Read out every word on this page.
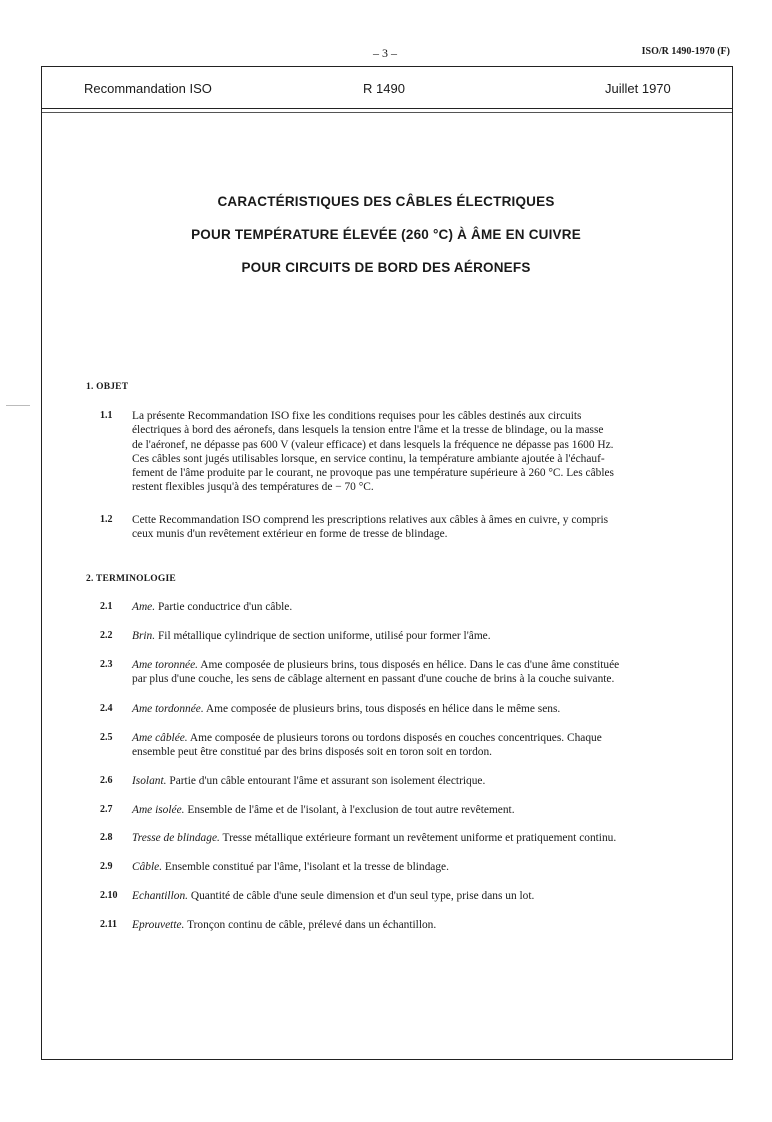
– 3 –	ISO/R 1490-1970 (F)
Recommandation ISO	R 1490	Juillet 1970
CARACTÉRISTIQUES DES CÂBLES ÉLECTRIQUES
POUR TEMPÉRATURE ÉLEVÉE (260 °C) À ÂME EN CUIVRE
POUR CIRCUITS DE BORD DES AÉRONEFS
1. OBJET
1.1	La présente Recommandation ISO fixe les conditions requises pour les câbles destinés aux circuits
électriques à bord des aéronefs, dans lesquels la tension entre l'âme et la tresse de blindage, ou la masse
de l'aéronef, ne dépasse pas 600 V (valeur efficace) et dans lesquels la fréquence ne dépasse pas 1600 Hz.
Ces câbles sont jugés utilisables lorsque, en service continu, la température ambiante ajoutée à l'échauf-
fement de l'âme produite par le courant, ne provoque pas une température supérieure à 260 °C. Les câbles
restent flexibles jusqu'à des températures de − 70 °C.
1.2	Cette Recommandation ISO comprend les prescriptions relatives aux câbles à âmes en cuivre, y compris
ceux munis d'un revêtement extérieur en forme de tresse de blindage.
2. TERMINOLOGIE
2.1	Ame. Partie conductrice d'un câble.
2.2	Brin. Fil métallique cylindrique de section uniforme, utilisé pour former l'âme.
2.3	Ame toronnée. Ame composée de plusieurs brins, tous disposés en hélice. Dans le cas d'une âme constituée
par plus d'une couche, les sens de câblage alternent en passant d'une couche de brins à la couche suivante.
2.4	Ame tordonnée. Ame composée de plusieurs brins, tous disposés en hélice dans le même sens.
2.5	Ame câblée. Ame composée de plusieurs torons ou tordons disposés en couches concentriques. Chaque
ensemble peut être constitué par des brins disposés soit en toron soit en tordon.
2.6	Isolant. Partie d'un câble entourant l'âme et assurant son isolement électrique.
2.7	Ame isolée. Ensemble de l'âme et de l'isolant, à l'exclusion de tout autre revêtement.
2.8	Tresse de blindage. Tresse métallique extérieure formant un revêtement uniforme et pratiquement continu.
2.9	Câble. Ensemble constitué par l'âme, l'isolant et la tresse de blindage.
2.10	Echantillon. Quantité de câble d'une seule dimension et d'un seul type, prise dans un lot.
2.11	Eprouvette. Tronçon continu de câble, prélevé dans un échantillon.
